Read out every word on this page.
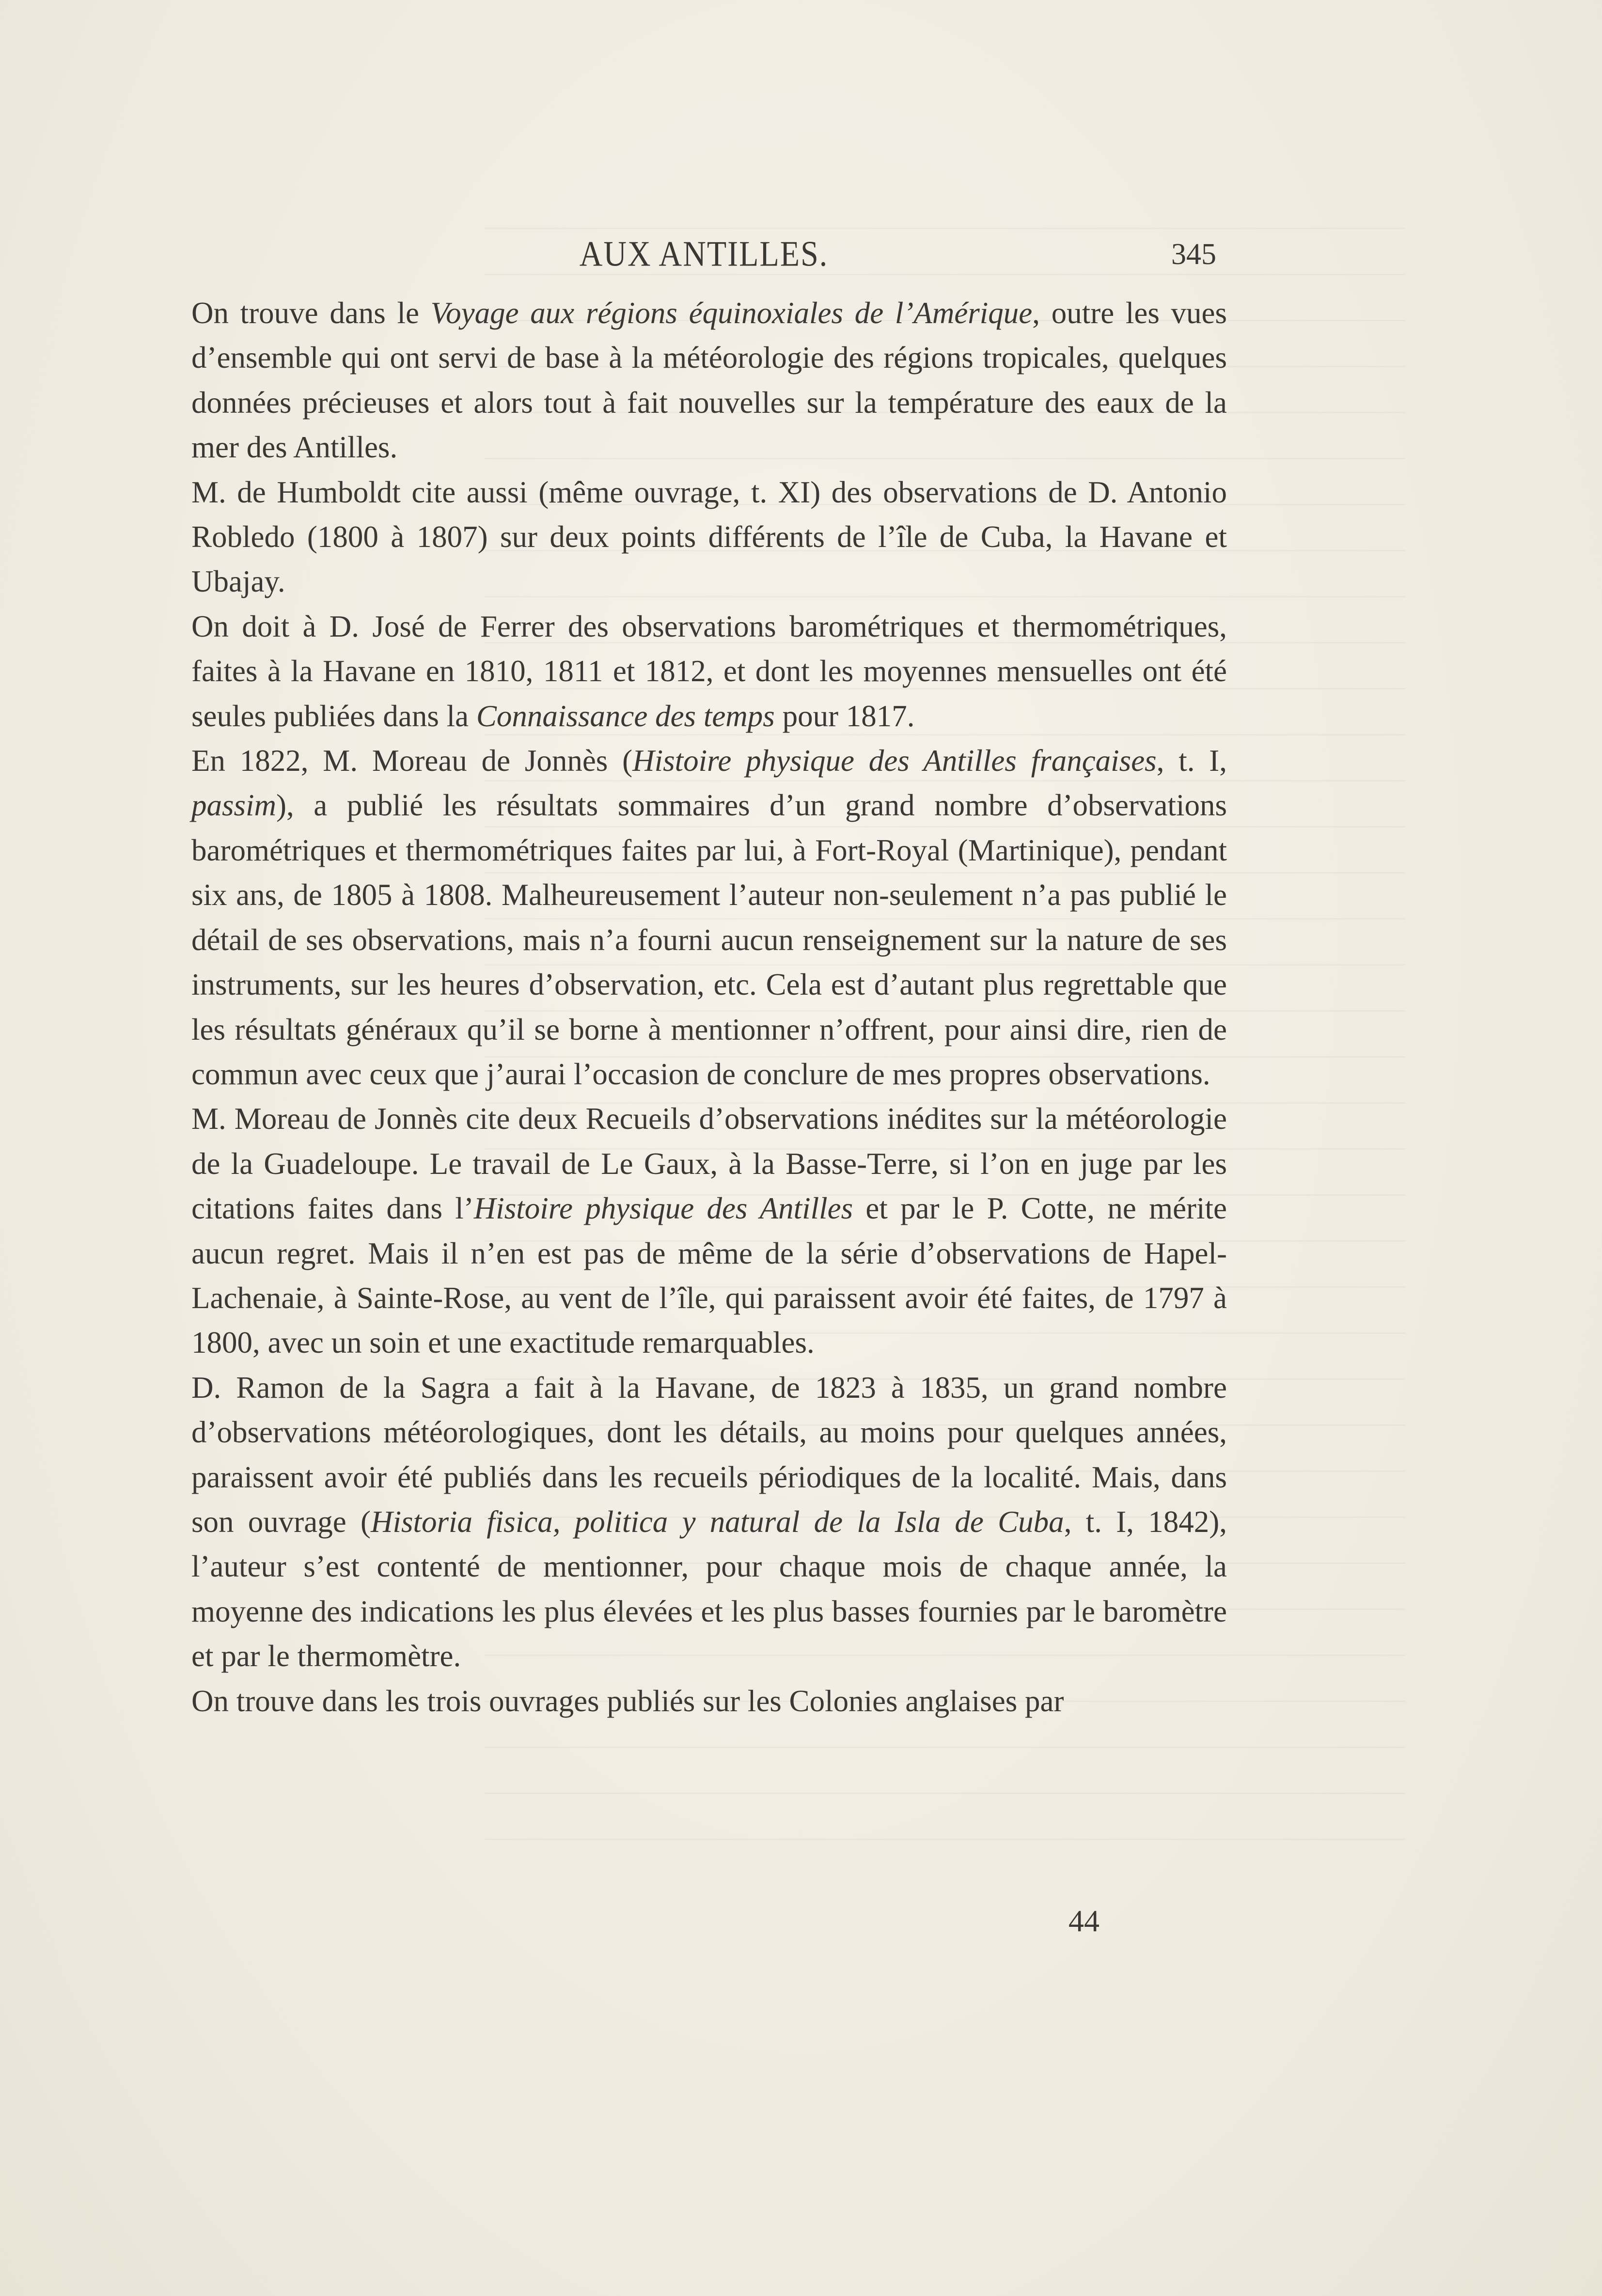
AUX ANTILLES.	345

On trouve dans le Voyage aux régions équinoxiales de l’Amérique, outre les vues d’ensemble qui ont servi de base à la météorologie des régions tropicales, quelques données précieuses et alors tout à fait nouvelles sur la température des eaux de la mer des Antilles.

M. de Humboldt cite aussi (même ouvrage, t. XI) des observations de D. Antonio Robledo (1800 à 1807) sur deux points différents de l’île de Cuba, la Havane et Ubajay.

On doit à D. José de Ferrer des observations barométriques et thermométriques, faites à la Havane en 1810, 1811 et 1812, et dont les moyennes mensuelles ont été seules publiées dans la Connaissance des temps pour 1817.

En 1822, M. Moreau de Jonnès (Histoire physique des Antilles françaises, t. I, passim), a publié les résultats sommaires d’un grand nombre d’observations barométriques et thermométriques faites par lui, à Fort-Royal (Martinique), pendant six ans, de 1805 à 1808. Malheureusement l’auteur non-seulement n’a pas publié le détail de ses observations, mais n’a fourni aucun renseignement sur la nature de ses instruments, sur les heures d’observation, etc. Cela est d’autant plus regrettable que les résultats généraux qu’il se borne à mentionner n’offrent, pour ainsi dire, rien de commun avec ceux que j’aurai l’occasion de conclure de mes propres observations.

M. Moreau de Jonnès cite deux Recueils d’observations inédites sur la météorologie de la Guadeloupe. Le travail de Le Gaux, à la Basse-Terre, si l’on en juge par les citations faites dans l’Histoire physique des Antilles et par le P. Cotte, ne mérite aucun regret. Mais il n’en est pas de même de la série d’observations de Hapel-Lachenaie, à Sainte-Rose, au vent de l’île, qui paraissent avoir été faites, de 1797 à 1800, avec un soin et une exactitude remarquables.

D. Ramon de la Sagra a fait à la Havane, de 1823 à 1835, un grand nombre d’observations météorologiques, dont les détails, au moins pour quelques années, paraissent avoir été publiés dans les recueils périodiques de la localité. Mais, dans son ouvrage (Historia fisica, politica y natural de la Isla de Cuba, t. I, 1842), l’auteur s’est contenté de mentionner, pour chaque mois de chaque année, la moyenne des indications les plus élevées et les plus basses fournies par le baromètre et par le thermomètre.

On trouve dans les trois ouvrages publiés sur les Colonies anglaises par

44
